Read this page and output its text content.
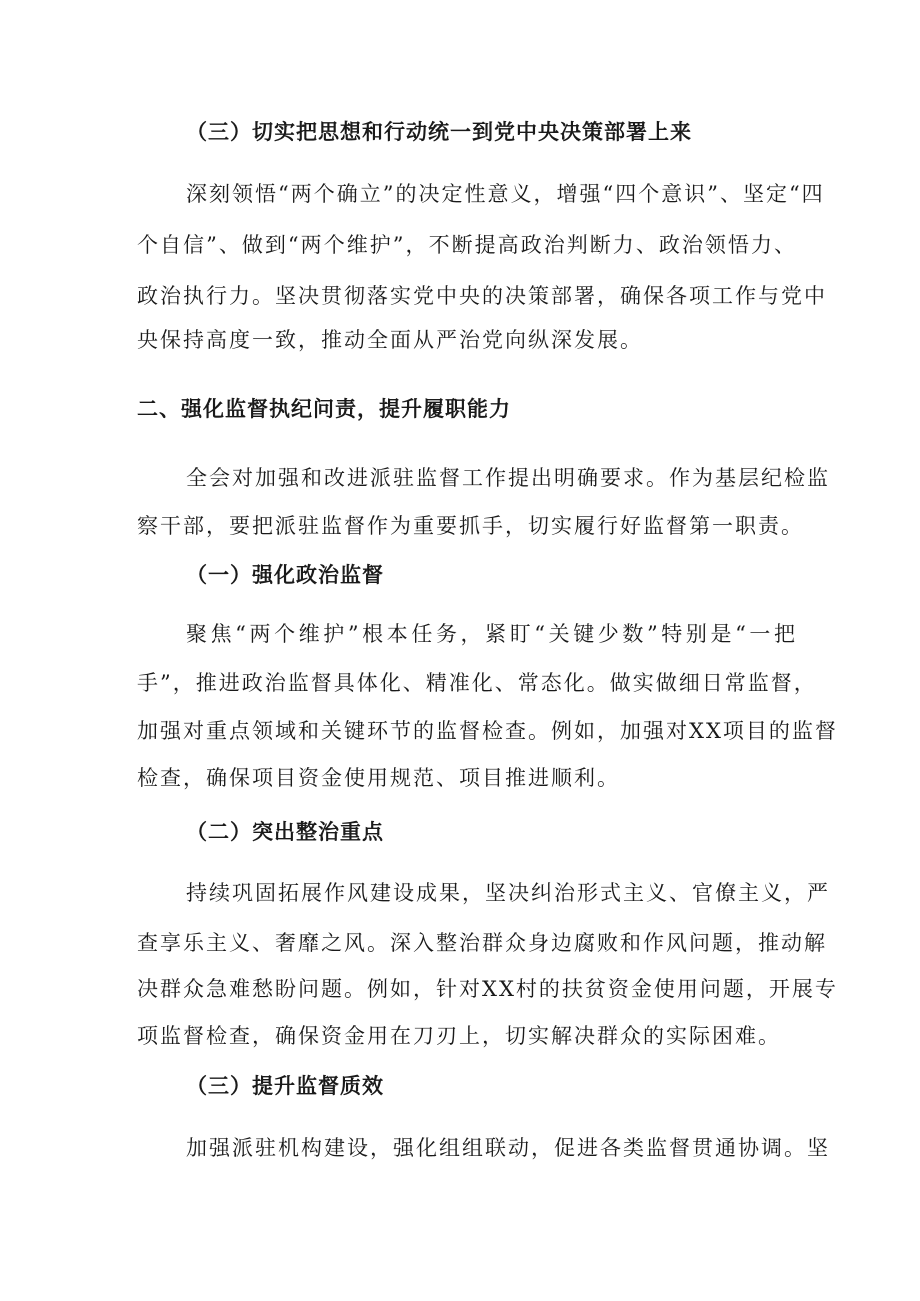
（三）切实把思想和行动统一到党中央决策部署上来
深刻领悟“两个确立”的决定性意义，增强“四个意识”、坚定“四
个自信”、做到“两个维护”，不断提高政治判断力、政治领悟力、
政治执行力。坚决贯彻落实党中央的决策部署，确保各项工作与党中
央保持高度一致，推动全面从严治党向纵深发展。
二、强化监督执纪问责，提升履职能力
全会对加强和改进派驻监督工作提出明确要求。作为基层纪检监
察干部，要把派驻监督作为重要抓手，切实履行好监督第一职责。
（一）强化政治监督
聚焦“两个维护”根本任务，紧盯“关键少数”特别是“一把
手”，推进政治监督具体化、精准化、常态化。做实做细日常监督，
加强对重点领域和关键环节的监督检查。例如，加强对XX项目的监督
检查，确保项目资金使用规范、项目推进顺利。
（二）突出整治重点
持续巩固拓展作风建设成果，坚决纠治形式主义、官僚主义，严
查享乐主义、奢靡之风。深入整治群众身边腐败和作风问题，推动解
决群众急难愁盼问题。例如，针对XX村的扶贫资金使用问题，开展专
项监督检查，确保资金用在刀刃上，切实解决群众的实际困难。
（三）提升监督质效
加强派驻机构建设，强化组组联动，促进各类监督贯通协调。坚
